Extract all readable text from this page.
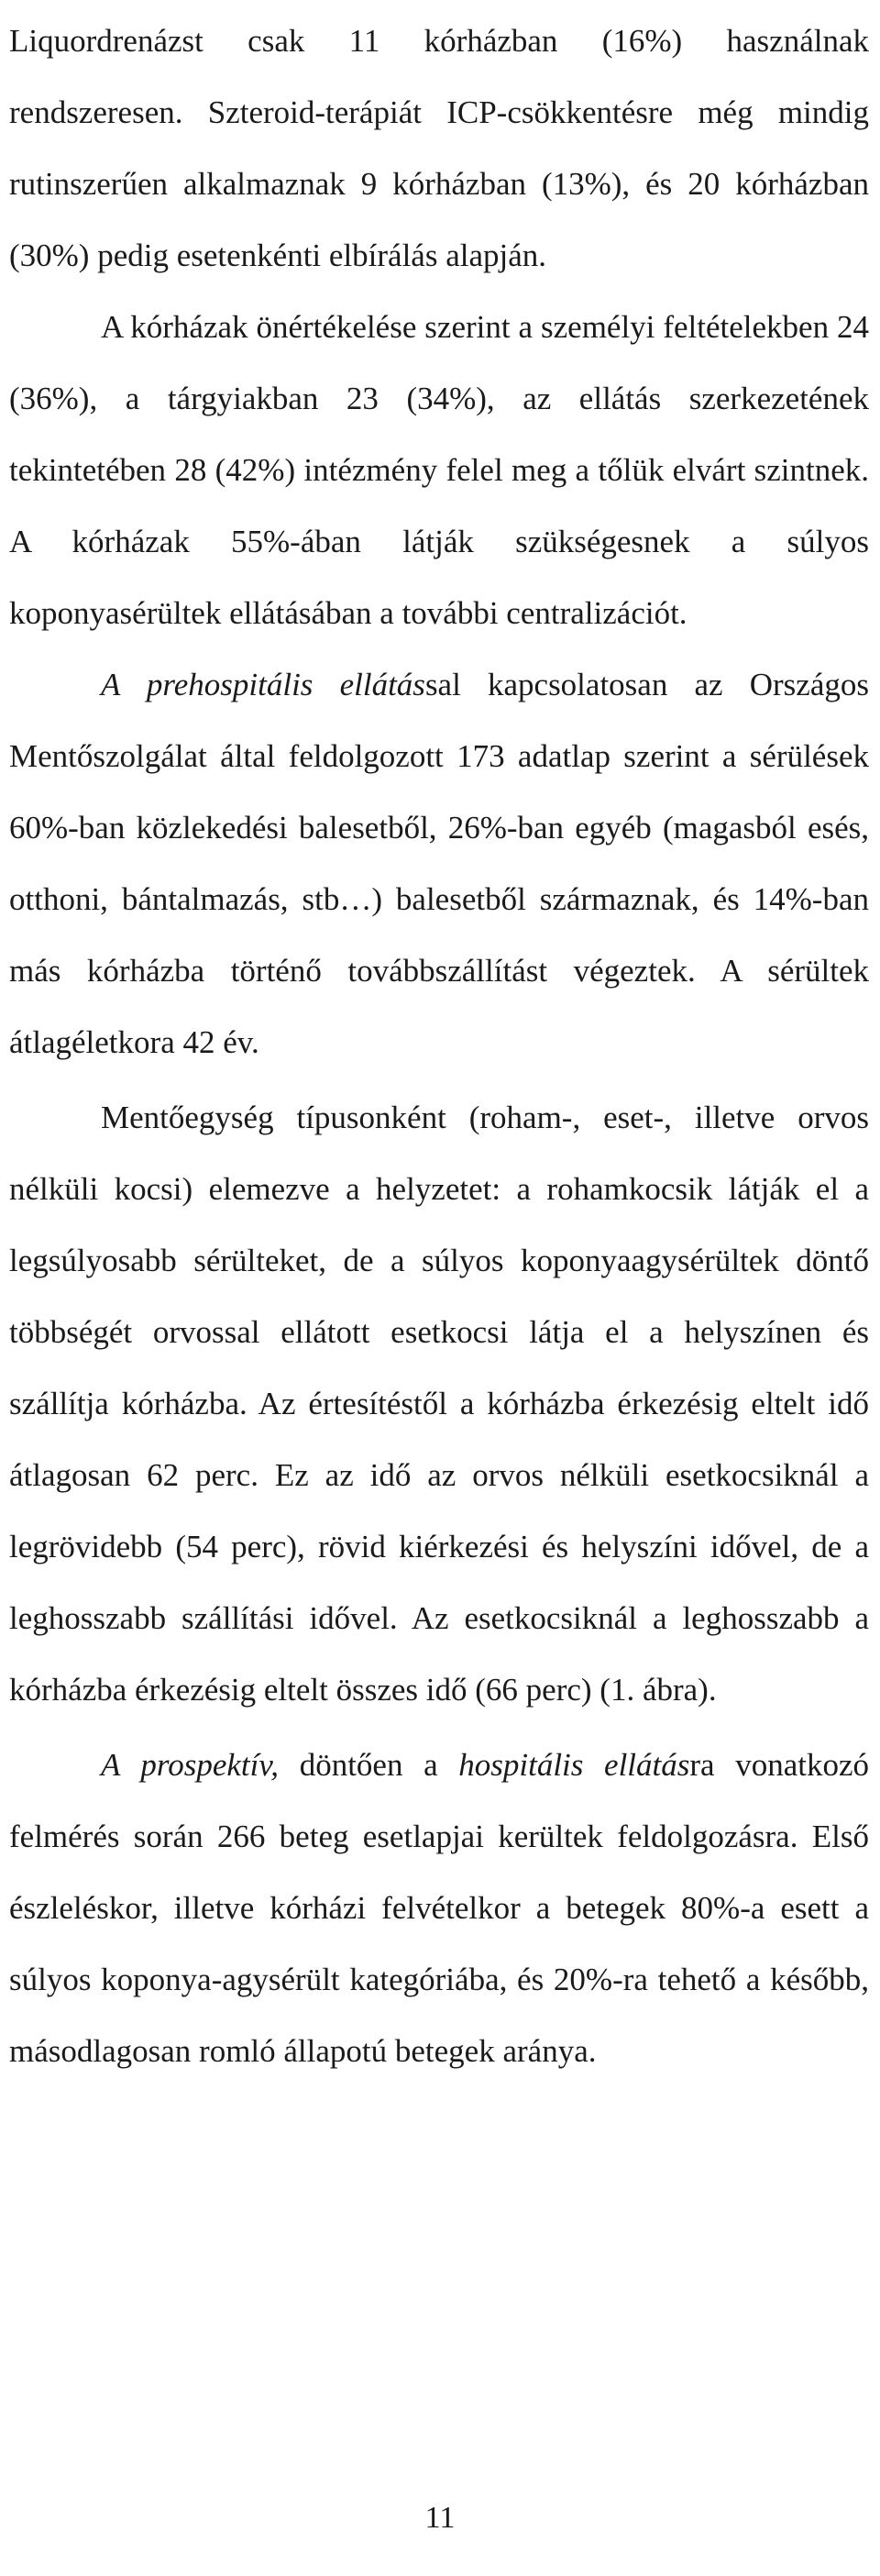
Liquordrenázst csak 11 kórházban (16%) használnak rendszeresen. Szteroid-terápiát ICP-csökkentésre még mindig rutinszerűen alkalmaznak 9 kórházban (13%), és 20 kórházban (30%) pedig esetenkénti elbírálás alapján.

A kórházak önértékelése szerint a személyi feltételekben 24 (36%), a tárgyiakban 23 (34%), az ellátás szerkezetének tekintetében 28 (42%) intézmény felel meg a tőlük elvárt szintnek. A kórházak 55%-ában látják szükségesnek a súlyos koponyasérültek ellátásában a további centralizációt.

A prehospitális ellátással kapcsolatosan az Országos Mentőszolgálat által feldolgozott 173 adatlap szerint a sérülések 60%-ban közlekedési balesetből, 26%-ban egyéb (magasból esés, otthoni, bántalmazás, stb…) balesetből származnak, és 14%-ban más kórházba történő továbbszállítást végeztek. A sérültek átlagéletkora 42 év.

Mentőegység típusonként (roham-, eset-, illetve orvos nélküli kocsi) elemezve a helyzetet: a rohamkocsik látják el a legsúlyosabb sérülteket, de a súlyos koponyaagysérültek döntő többségét orvossal ellátott esetkocsi látja el a helyszínen és szállítja kórházba. Az értesítéstől a kórházba érkezésig eltelt idő átlagosan 62 perc. Ez az idő az orvos nélküli esetkocsiknál a legrövidebb (54 perc), rövid kiérkezési és helyszíni idővel, de a leghosszabb szállítási idővel. Az esetkocsiknál a leghosszabb a kórházba érkezésig eltelt összes idő (66 perc) (1. ábra).

A prospektív, döntően a hospitális ellátásra vonatkozó felmérés során 266 beteg esetlapjai kerültek feldolgozásra. Első észleléskor, illetve kórházi felvételkor a betegek 80%-a esett a súlyos koponya-agysérült kategóriába, és 20%-ra tehető a később, másodlagosan romló állapotú betegek aránya.

11
